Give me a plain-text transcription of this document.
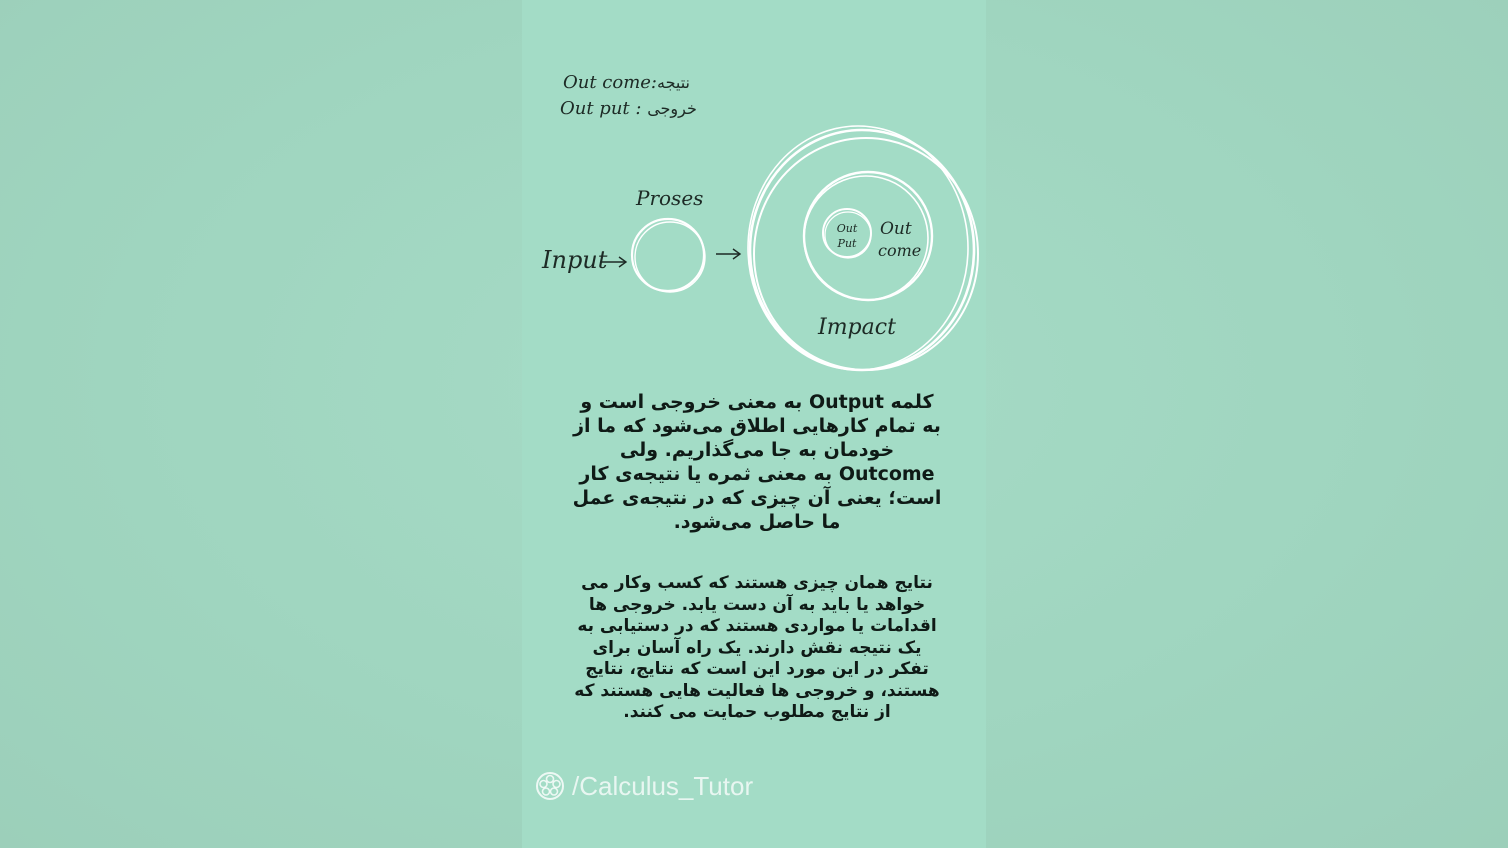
Out come:نتیجه
Out put : خروجی
Input
Proses
Out
Put
Out
come
Impact
کلمه Output به معنی خروجی است و به تمام کارهایی اطلاق می‌شود که ما از خودمان به جا می‌گذاریم. ولی Outcome به معنی ثمره یا نتیجه‌ی کار است؛ یعنی آن چیزی که در نتیجه‌ی عمل ما حاصل می‌شود.
نتایج همان چیزی هستند که کسب وکار می خواهد یا باید به آن دست یابد. خروجی ها اقدامات یا مواردی هستند که در دستیابی به یک نتیجه نقش دارند. یک راه آسان برای تفکر در این مورد این است که نتایج، نتایج هستند، و خروجی ها فعالیت هایی هستند که از نتایج مطلوب حمایت می کنند.
/Calculus_Tutor
